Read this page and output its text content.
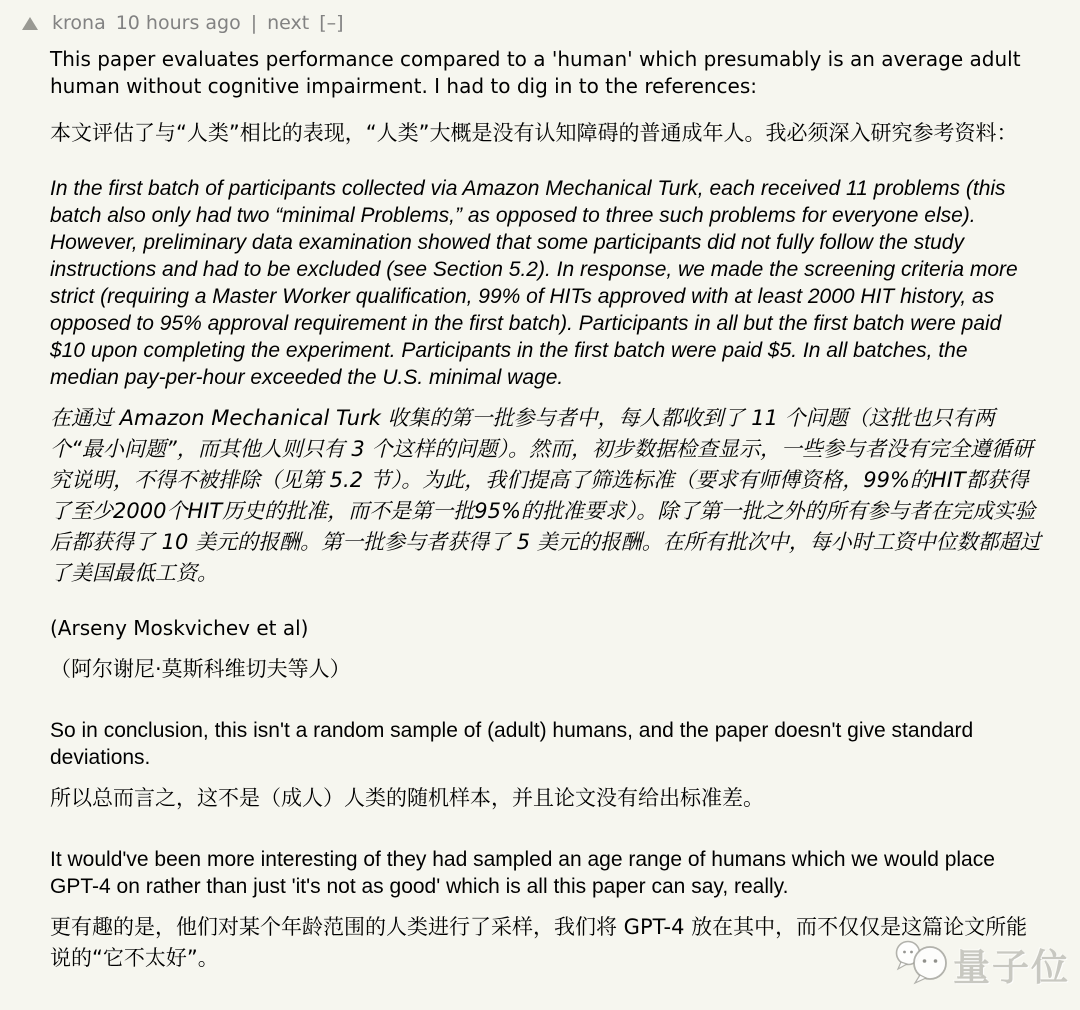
krona 10 hours ago | next [–]

This paper evaluates performance compared to a 'human' which presumably is an average adult human without cognitive impairment. I had to dig in to the references:

本文评估了与“人类”相比的表现，“人类”大概是没有认知障碍的普通成年人。我必须深入研究参考资料：

In the first batch of participants collected via Amazon Mechanical Turk, each received 11 problems (this batch also only had two “minimal Problems,” as opposed to three such problems for everyone else). However, preliminary data examination showed that some participants did not fully follow the study instructions and had to be excluded (see Section 5.2). In response, we made the screening criteria more strict (requiring a Master Worker qualification, 99% of HITs approved with at least 2000 HIT history, as opposed to 95% approval requirement in the first batch). Participants in all but the first batch were paid $10 upon completing the experiment. Participants in the first batch were paid $5. In all batches, the median pay-per-hour exceeded the U.S. minimal wage.

在通过 Amazon Mechanical Turk 收集的第一批参与者中，每人都收到了 11 个问题（这批也只有两个“最小问题”，而其他人则只有 3 个这样的问题）。然而，初步数据检查显示，一些参与者没有完全遵循研究说明，不得不被排除（见第 5.2 节）。为此，我们提高了筛选标准（要求有师傅资格，99%的HIT都获得了至少2000个HIT历史的批准，而不是第一批95%的批准要求）。除了第一批之外的所有参与者在完成实验后都获得了 10 美元的报酬。第一批参与者获得了 5 美元的报酬。在所有批次中，每小时工资中位数都超过了美国最低工资。

(Arseny Moskvichev et al)

（阿尔谢尼·莫斯科维切夫等人）

So in conclusion, this isn't a random sample of (adult) humans, and the paper doesn't give standard deviations.

所以总而言之，这不是（成人）人类的随机样本，并且论文没有给出标准差。

It would've been more interesting of they had sampled an age range of humans which we would place GPT-4 on rather than just 'it's not as good' which is all this paper can say, really.

更有趣的是，他们对某个年龄范围的人类进行了采样，我们将 GPT-4 放在其中，而不仅仅是这篇论文所能说的“它不太好”。	量子位
